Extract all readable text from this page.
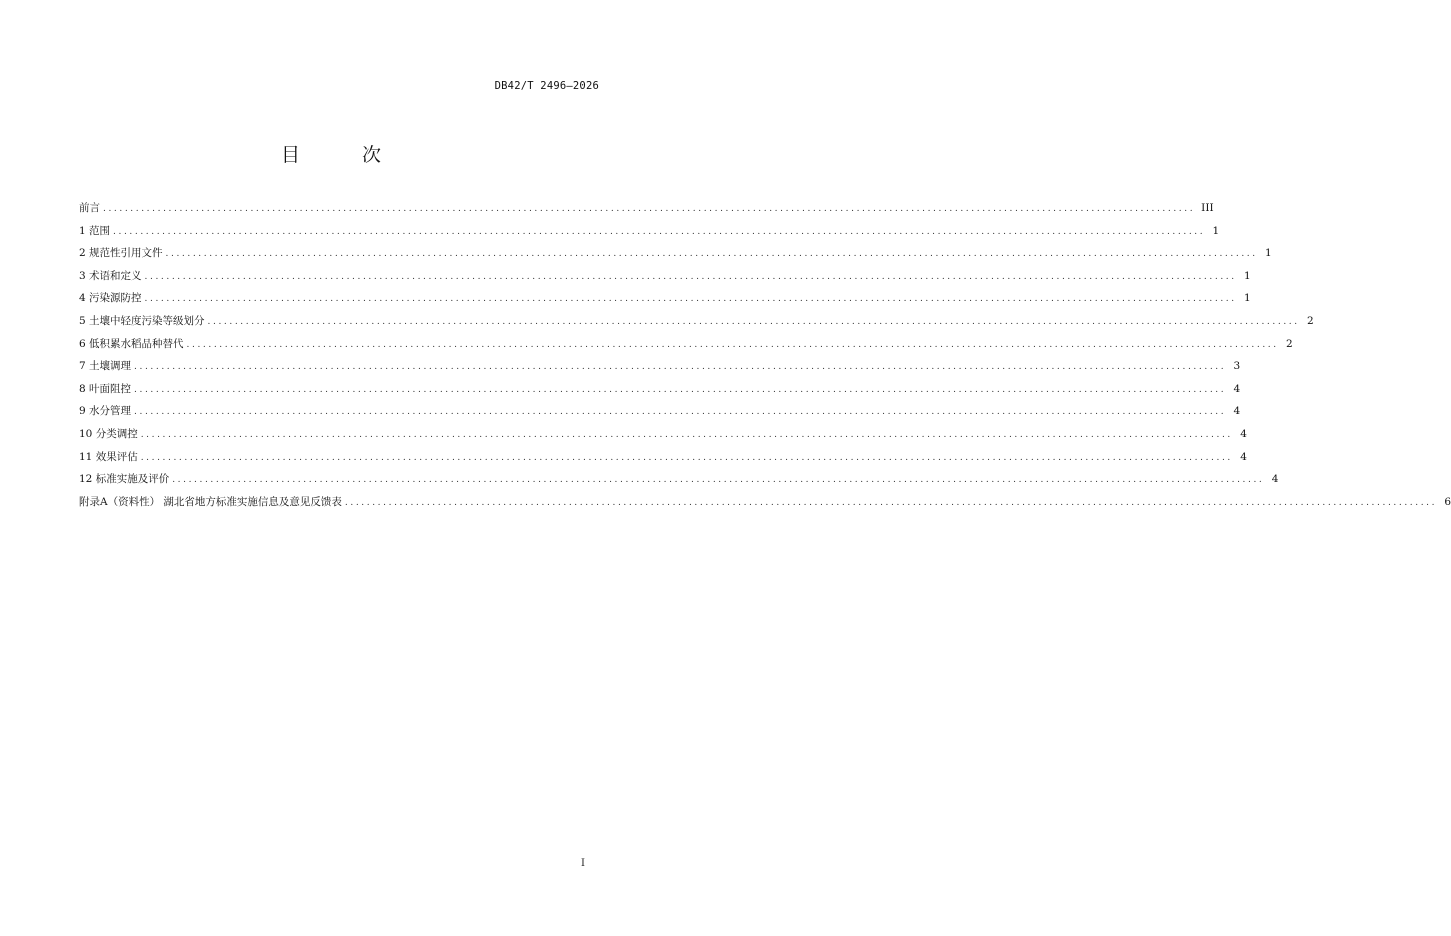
DB42/T 2496—2026
目 次
前言 ........................................................................................................................................................................................................ III
1 范围 ........................................................................................................................................................................................................ 1
2 规范性引用文件 ........................................................................................................................................................................................................ 1
3 术语和定义 ........................................................................................................................................................................................................ 1
4 污染源防控 ........................................................................................................................................................................................................ 1
5 土壤中轻度污染等级划分 ........................................................................................................................................................................................................ 2
6 低积累水稻品种替代 ........................................................................................................................................................................................................ 2
7 土壤调理 ........................................................................................................................................................................................................ 3
8 叶面阻控 ........................................................................................................................................................................................................ 4
9 水分管理 ........................................................................................................................................................................................................ 4
10 分类调控 ........................................................................................................................................................................................................ 4
11 效果评估 ........................................................................................................................................................................................................ 4
12 标准实施及评价 ........................................................................................................................................................................................................ 4
附录A（资料性） 湖北省地方标准实施信息及意见反馈表 ........................................................................................................................................................................................................ 6
I
